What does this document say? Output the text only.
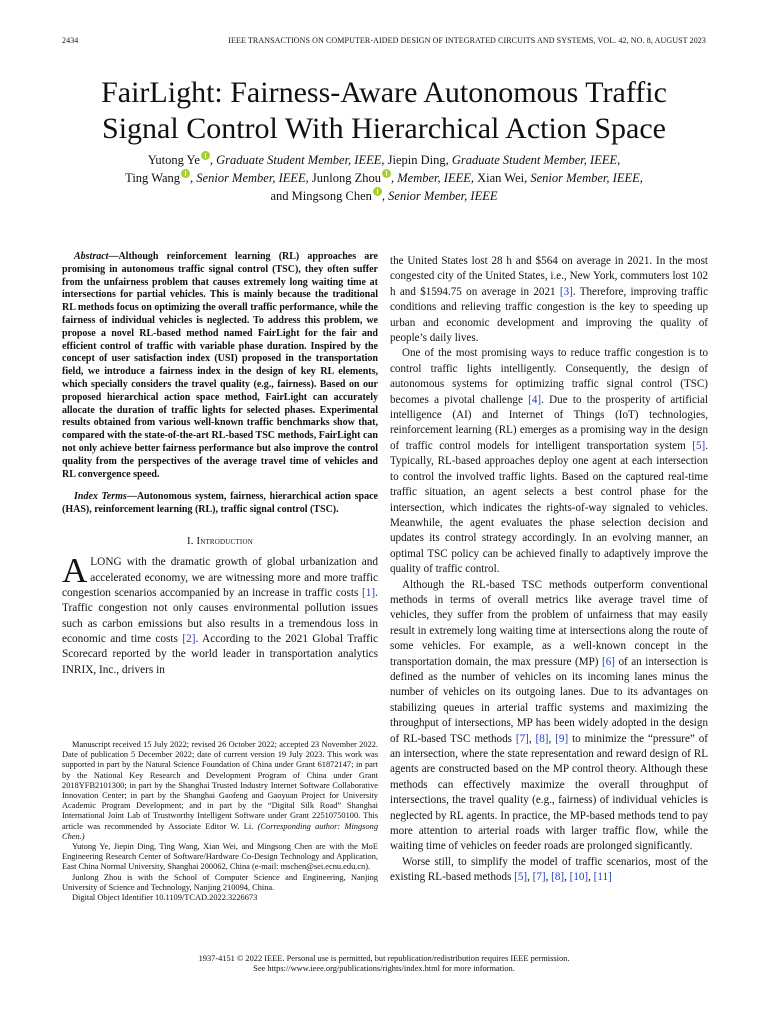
2434	IEEE TRANSACTIONS ON COMPUTER-AIDED DESIGN OF INTEGRATED CIRCUITS AND SYSTEMS, VOL. 42, NO. 8, AUGUST 2023
FairLight: Fairness-Aware Autonomous Traffic
Signal Control With Hierarchical Action Space
Yutong Ye , Graduate Student Member, IEEE, Jiepin Ding, Graduate Student Member, IEEE,
Ting Wang , Senior Member, IEEE, Junlong Zhou , Member, IEEE, Xian Wei, Senior Member, IEEE,
and Mingsong Chen , Senior Member, IEEE

Abstract—Although reinforcement learning (RL) approaches are promising in autonomous traffic signal control (TSC), they often suffer from the unfairness problem that causes extremely long waiting time at intersections for partial vehicles. This is mainly because the traditional RL methods focus on optimizing the overall traffic performance, while the fairness of individual vehicles is neglected. To address this problem, we propose a novel RL-based method named FairLight for the fair and efficient control of traffic with variable phase duration. Inspired by the concept of user satisfaction index (USI) proposed in the transportation field, we introduce a fairness index in the design of key RL elements, which specially considers the travel quality (e.g., fairness). Based on our proposed hierarchical action space method, FairLight can accurately allocate the duration of traffic lights for selected phases. Experimental results obtained from various well-known traffic benchmarks show that, compared with the state-of-the-art RL-based TSC methods, FairLight can not only achieve better fairness performance but also improve the control quality from the perspectives of the average travel time of vehicles and RL convergence speed.

Index Terms—Autonomous system, fairness, hierarchical action space (HAS), reinforcement learning (RL), traffic signal control (TSC).

I. Introduction

ALONG with the dramatic growth of global urbanization and accelerated economy, we are witnessing more and more traffic congestion scenarios accompanied by an increase in traffic costs [1]. Traffic congestion not only causes environmental pollution issues such as carbon emissions but also results in a tremendous loss in economic and time costs [2]. According to the 2021 Global Traffic Scorecard reported by the world leader in transportation analytics INRIX, Inc., drivers in

Manuscript received 15 July 2022; revised 26 October 2022; accepted 23 November 2022. Date of publication 5 December 2022; date of current version 19 July 2023. This work was supported in part by the Natural Science Foundation of China under Grant 61872147; in part by the National Key Research and Development Program of China under Grant 2018YFB2101300; in part by the Shanghai Trusted Industry Internet Software Collaborative Innovation Center; in part by the Shanghai Gaofeng and Gaoyuan Project for University Academic Program Development; and in part by the “Digital Silk Road” Shanghai International Joint Lab of Trustworthy Intelligent Software under Grant 22510750100. This article was recommended by Associate Editor W. Li. (Corresponding author: Mingsong Chen.)

Yutong Ye, Jiepin Ding, Ting Wang, Xian Wei, and Mingsong Chen are with the MoE Engineering Research Center of Software/Hardware Co-Design Technology and Application, East China Normal University, Shanghai 200062, China (e-mail: mschen@sei.ecnu.edu.cn).

Junlong Zhou is with the School of Computer Science and Engineering, Nanjing University of Science and Technology, Nanjing 210094, China.

Digital Object Identifier 10.1109/TCAD.2022.3226673

the United States lost 28 h and $564 on average in 2021. In the most congested city of the United States, i.e., New York, commuters lost 102 h and $1594.75 on average in 2021 [3]. Therefore, improving traffic conditions and relieving traffic congestion is the key to speeding up urban and economic development and improving the quality of people’s daily lives.

One of the most promising ways to reduce traffic congestion is to control traffic lights intelligently. Consequently, the design of autonomous systems for optimizing traffic signal control (TSC) becomes a pivotal challenge [4]. Due to the prosperity of artificial intelligence (AI) and Internet of Things (IoT) technologies, reinforcement learning (RL) emerges as a promising way in the design of traffic control models for intelligent transportation system [5]. Typically, RL-based approaches deploy one agent at each intersection to control the involved traffic lights. Based on the captured real-time traffic situation, an agent selects a best control phase for the intersection, which indicates the rights-of-way signaled to vehicles. Meanwhile, the agent evaluates the phase selection decision and updates its control strategy accordingly. In an evolving manner, an optimal TSC policy can be achieved finally to adaptively improve the quality of traffic control.

Although the RL-based TSC methods outperform conventional methods in terms of overall metrics like average travel time of vehicles, they suffer from the problem of unfairness that may easily result in extremely long waiting time at intersections along the route of some vehicles. For example, as a well-known concept in the transportation domain, the max pressure (MP) [6] of an intersection is defined as the number of vehicles on its incoming lanes minus the number of vehicles on its outgoing lanes. Due to its advantages on stabilizing queues in arterial traffic systems and maximizing the throughput of intersections, MP has been widely adopted in the design of RL-based TSC methods [7], [8], [9] to minimize the “pressure” of an intersection, where the state representation and reward design of RL agents are constructed based on the MP control theory. Although these methods can effectively maximize the overall throughput of intersections, the travel quality (e.g., fairness) of individual vehicles is neglected by RL agents. In practice, the MP-based methods tend to pay more attention to arterial roads with larger traffic flow, while the waiting time of vehicles on feeder roads are prolonged significantly.

Worse still, to simplify the model of traffic scenarios, most of the existing RL-based methods [5], [7], [8], [10], [11]

1937-4151 © 2022 IEEE. Personal use is permitted, but republication/redistribution requires IEEE permission.
See https://www.ieee.org/publications/rights/index.html for more information.
